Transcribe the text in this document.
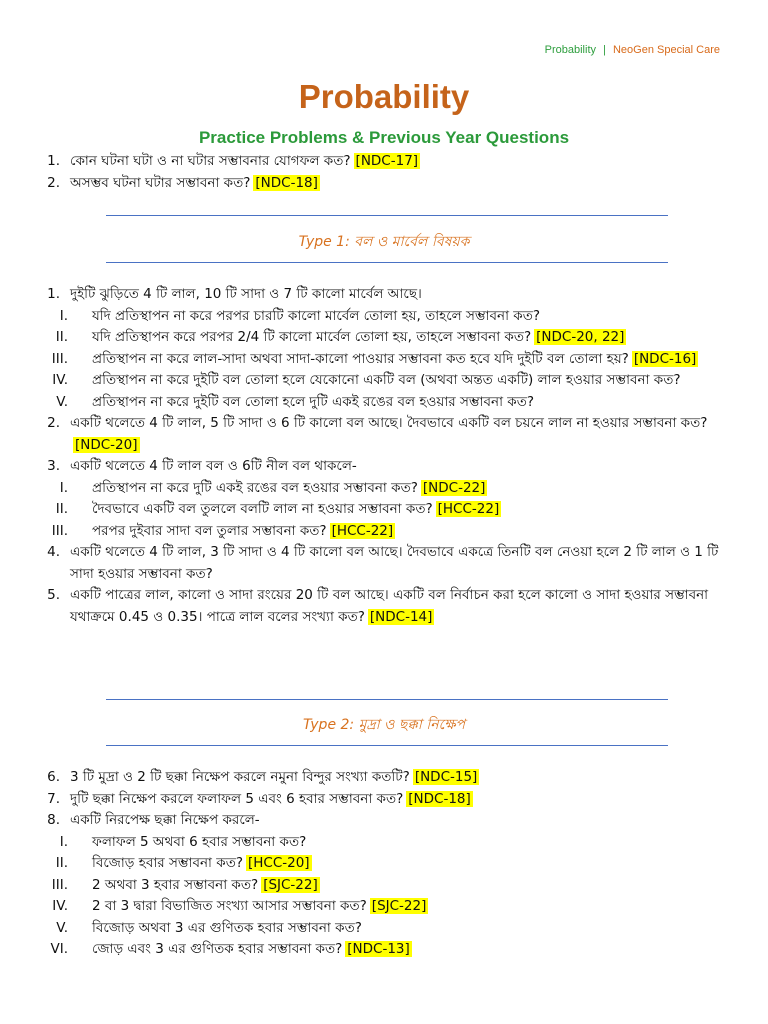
Probability | NeoGen Special Care
Probability
Practice Problems & Previous Year Questions
1. কোন ঘটনা ঘটা ও না ঘটার সম্ভাবনার যোগফল কত? [NDC-17]
2. অসম্ভব ঘটনা ঘটার সম্ভাবনা কত? [NDC-18]
Type 1: বল ও মার্বেল বিষয়ক
1. দুইটি ঝুড়িতে 4 টি লাল, 10 টি সাদা ও 7 টি কালো মার্বেল আছে।
I. যদি প্রতিস্থাপন না করে পরপর চারটি কালো মার্বেল তোলা হয়, তাহলে সম্ভাবনা কত?
II. যদি প্রতিস্থাপন করে পরপর 2/4 টি কালো মার্বেল তোলা হয়, তাহলে সম্ভাবনা কত? [NDC-20, 22]
III. প্রতিস্থাপন না করে লাল-সাদা অথবা সাদা-কালো পাওয়ার সম্ভাবনা কত হবে যদি দুইটি বল তোলা হয়? [NDC-16]
IV. প্রতিস্থাপন না করে দুইটি বল তোলা হলে যেকোনো একটি বল (অথবা অন্তত একটি) লাল হওয়ার সম্ভাবনা কত?
V. প্রতিস্থাপন না করে দুইটি বল তোলা হলে দুটি একই রঙের বল হওয়ার সম্ভাবনা কত?
2. একটি থলেতে 4 টি লাল, 5 টি সাদা ও 6 টি কালো বল আছে। দৈবভাবে একটি বল চয়নে লাল না হওয়ার সম্ভাবনা কত?[NDC-20]
3. একটি থলেতে 4 টি লাল বল ও 6টি নীল বল থাকলে-
I. প্রতিস্থাপন না করে দুটি একই রঙের বল হওয়ার সম্ভাবনা কত? [NDC-22]
II. দৈবভাবে একটি বল তুললে বলটি লাল না হওয়ার সম্ভাবনা কত? [HCC-22]
III. পরপর দুইবার সাদা বল তুলার সম্ভাবনা কত? [HCC-22]
4. একটি থলেতে 4 টি লাল, 3 টি সাদা ও 4 টি কালো বল আছে। দৈবভাবে একত্রে তিনটি বল নেওয়া হলে 2 টি লাল ও 1 টি সাদা হওয়ার সম্ভাবনা কত?
5. একটি পাত্রের লাল, কালো ও সাদা রংয়ের 20 টি বল আছে। একটি বল নির্বাচন করা হলে কালো ও সাদা হওয়ার সম্ভাবনা যথাক্রমে 0.45 ও 0.35। পাত্রে লাল বলের সংখ্যা কত? [NDC-14]
Type 2: মুদ্রা ও ছক্কা নিক্ষেপ
6. 3 টি মুদ্রা ও 2 টি ছক্কা নিক্ষেপ করলে নমুনা বিন্দুর সংখ্যা কতটি? [NDC-15]
7. দুটি ছক্কা নিক্ষেপ করলে ফলাফল 5 এবং 6 হবার সম্ভাবনা কত? [NDC-18]
8. একটি নিরপেক্ষ ছক্কা নিক্ষেপ করলে-
I. ফলাফল 5 অথবা 6 হবার সম্ভাবনা কত?
II. বিজোড় হবার সম্ভাবনা কত? [HCC-20]
III. 2 অথবা 3 হবার সম্ভাবনা কত? [SJC-22]
IV. 2 বা 3 দ্বারা বিভাজিত সংখ্যা আসার সম্ভাবনা কত? [SJC-22]
V. বিজোড় অথবা 3 এর গুণিতক হবার সম্ভাবনা কত?
VI. জোড় এবং 3 এর গুণিতক হবার সম্ভাবনা কত? [NDC-13]
